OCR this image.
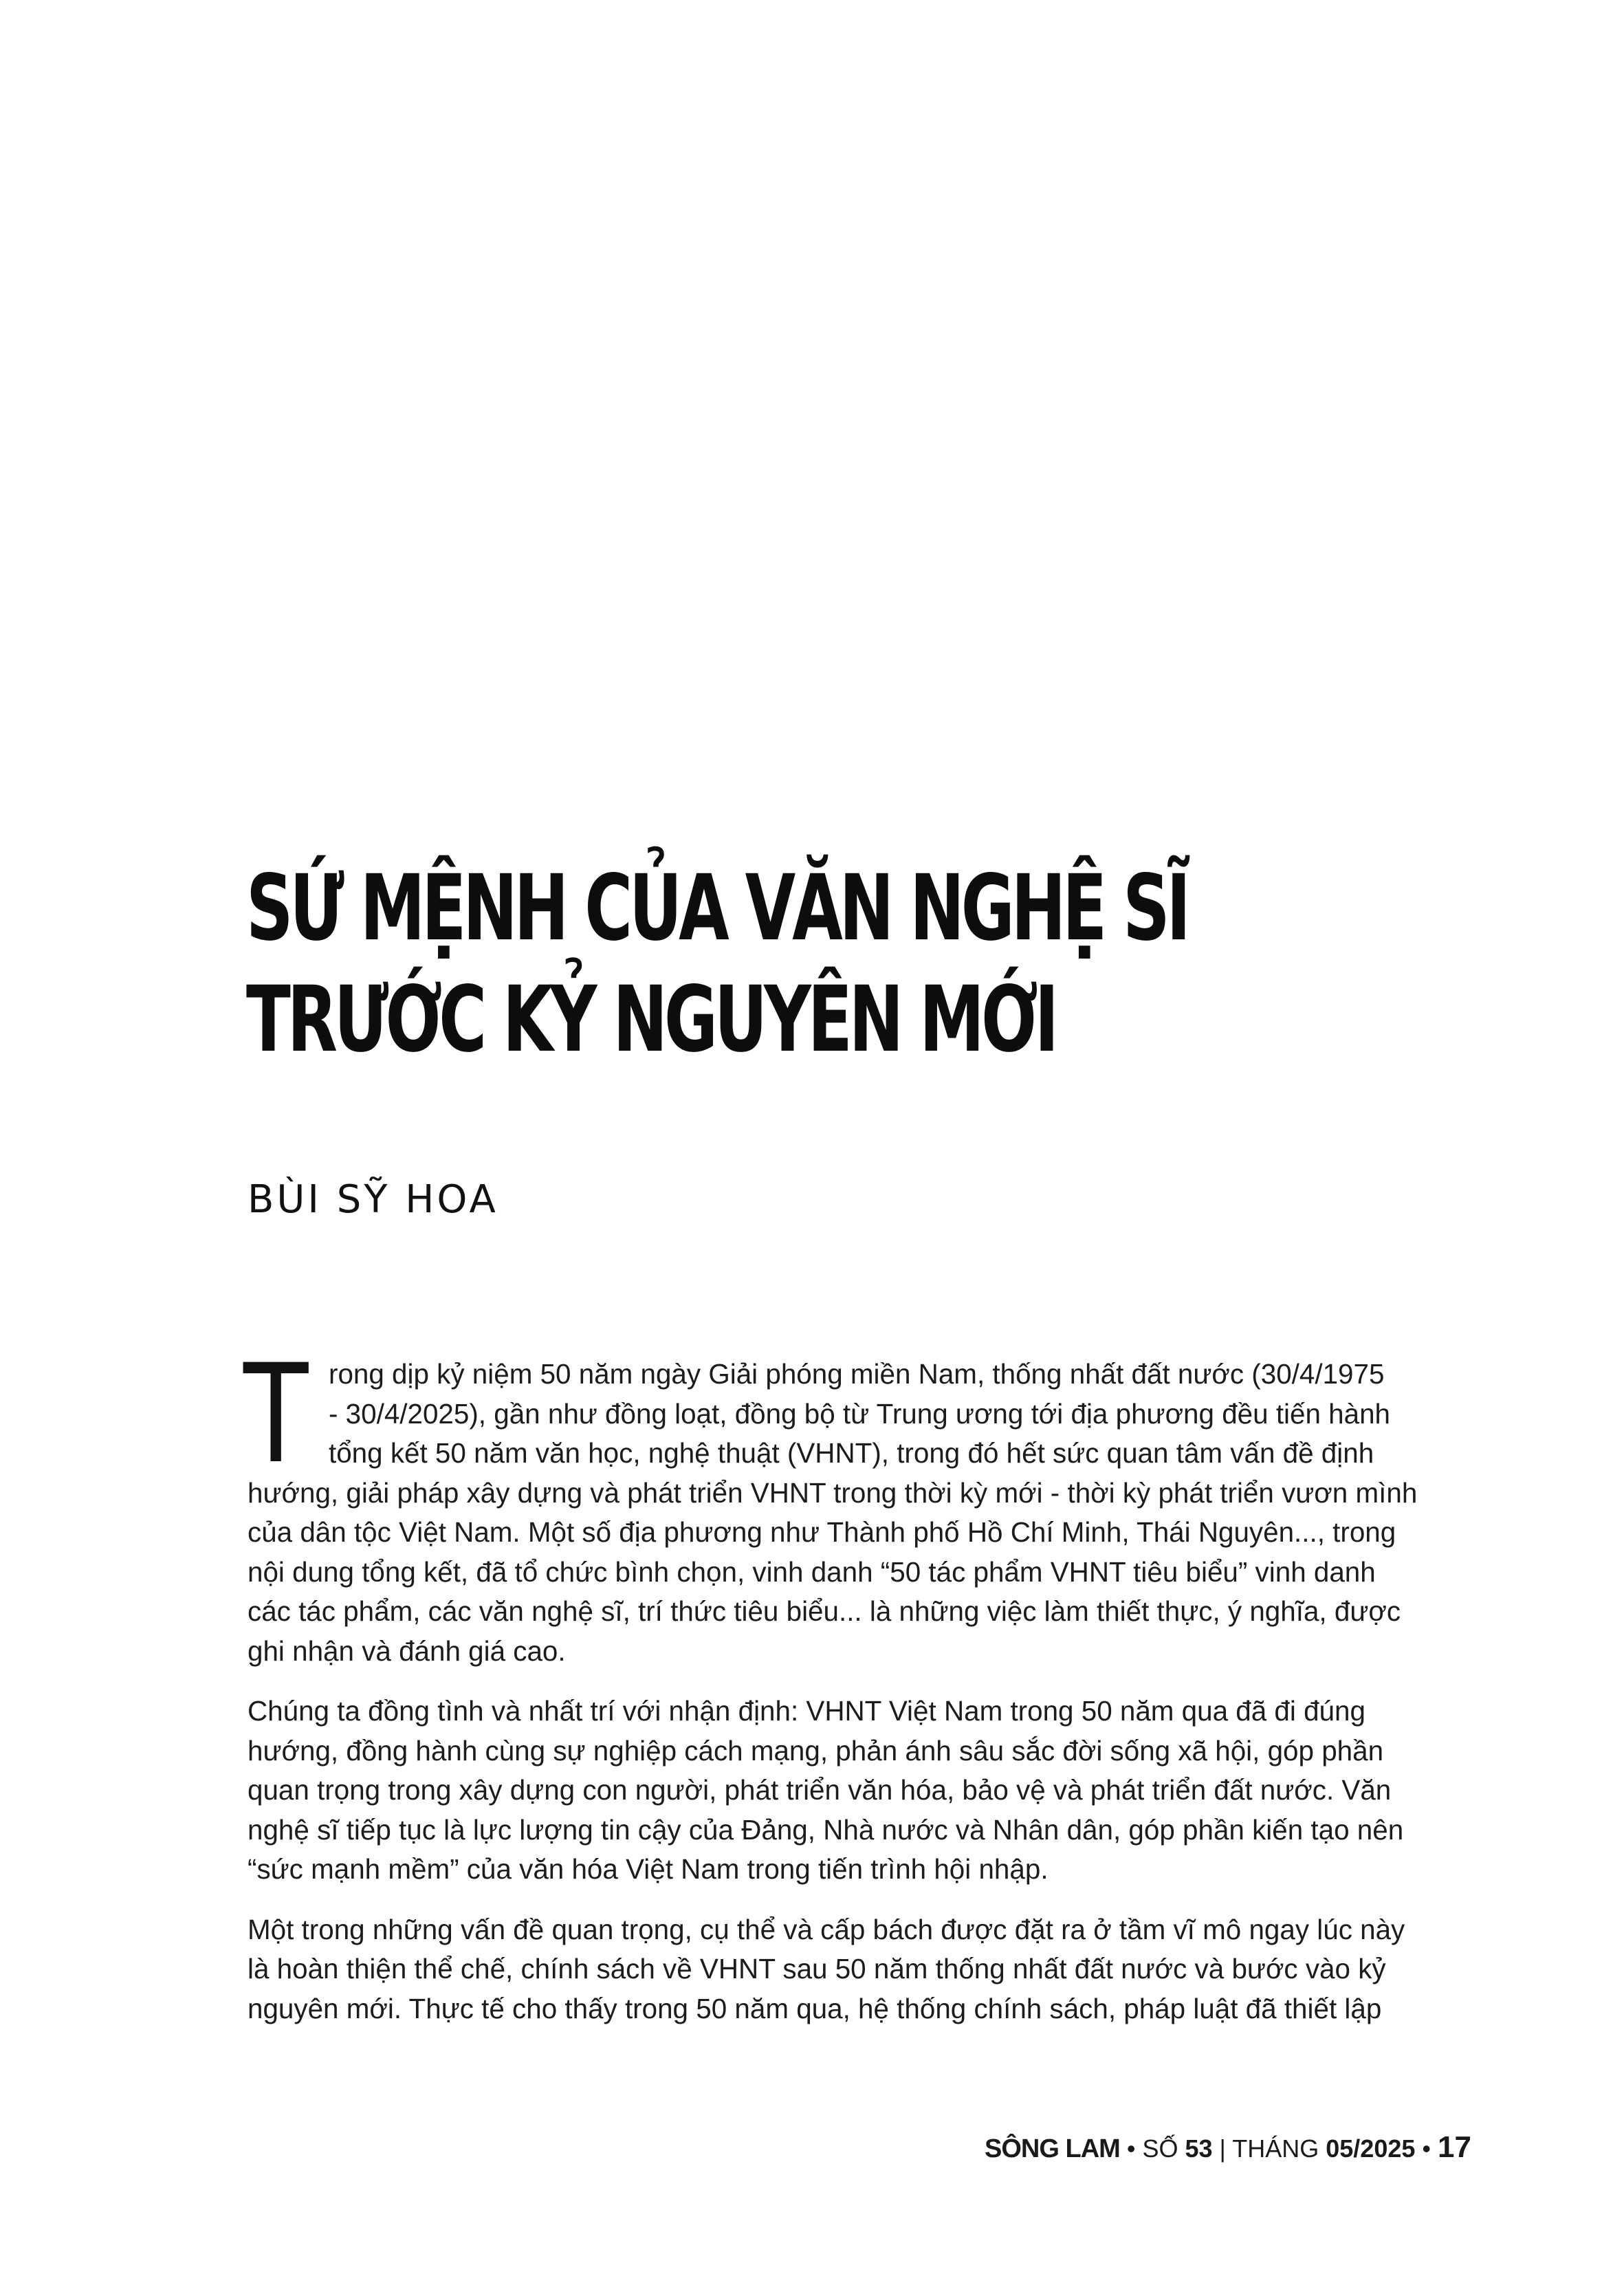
SỨ MỆNH CỦA VĂN NGHỆ SĨ
TRƯỚC KỶ NGUYÊN MỚI

BÙI SỸ HOA

T rong dịp kỷ niệm 50 năm ngày Giải phóng miền Nam, thống nhất đất nước (30/4/1975
- 30/4/2025), gần như đồng loạt, đồng bộ từ Trung ương tới địa phương đều tiến hành
tổng kết 50 năm văn học, nghệ thuật (VHNT), trong đó hết sức quan tâm vấn đề định
hướng, giải pháp xây dựng và phát triển VHNT trong thời kỳ mới - thời kỳ phát triển vươn mình
của dân tộc Việt Nam. Một số địa phương như Thành phố Hồ Chí Minh, Thái Nguyên..., trong
nội dung tổng kết, đã tổ chức bình chọn, vinh danh “50 tác phẩm VHNT tiêu biểu” vinh danh
các tác phẩm, các văn nghệ sĩ, trí thức tiêu biểu... là những việc làm thiết thực, ý nghĩa, được
ghi nhận và đánh giá cao.
Chúng ta đồng tình và nhất trí với nhận định: VHNT Việt Nam trong 50 năm qua đã đi đúng
hướng, đồng hành cùng sự nghiệp cách mạng, phản ánh sâu sắc đời sống xã hội, góp phần
quan trọng trong xây dựng con người, phát triển văn hóa, bảo vệ và phát triển đất nước. Văn
nghệ sĩ tiếp tục là lực lượng tin cậy của Đảng, Nhà nước và Nhân dân, góp phần kiến tạo nên
“sức mạnh mềm” của văn hóa Việt Nam trong tiến trình hội nhập.
Một trong những vấn đề quan trọng, cụ thể và cấp bách được đặt ra ở tầm vĩ mô ngay lúc này
là hoàn thiện thể chế, chính sách về VHNT sau 50 năm thống nhất đất nước và bước vào kỷ
nguyên mới. Thực tế cho thấy trong 50 năm qua, hệ thống chính sách, pháp luật đã thiết lập
SÔNG LAM • SỐ 53 | THÁNG 05/2025 • 17
